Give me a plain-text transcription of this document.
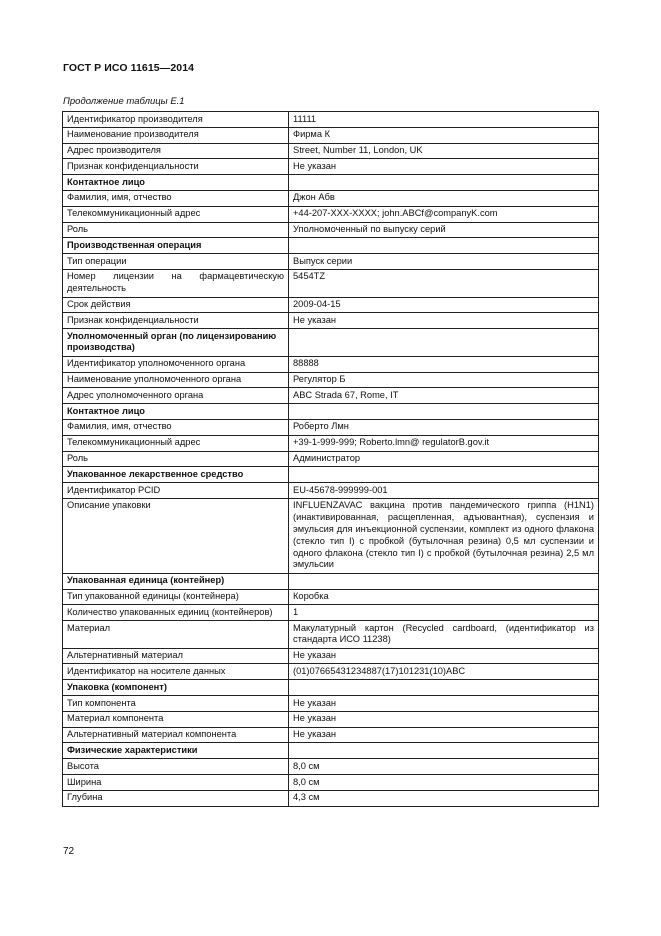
ГОСТ Р ИСО 11615—2014
Продолжение таблицы Е.1
Идентификатор производителя	11111
Наименование производителя	Фирма К
Адрес производителя	Street, Number 11, London, UK
Признак конфиденциальности	Не указан
Контактное лицо	
Фамилия, имя, отчество	Джон Абв
Телекоммуникационный адрес	+44-207-XXX-XXXX; john.ABCf@companyK.com
Роль	Уполномоченный по выпуску серий
Производственная операция	
Тип операции	Выпуск серии
Номер лицензии на фармацевтическую деятельность	5454TZ
Срок действия	2009-04-15
Признак конфиденциальности	Не указан
Уполномоченный орган (по лицензированию производства)	
Идентификатор уполномоченного органа	88888
Наименование уполномоченного органа	Регулятор Б
Адрес уполномоченного органа	ABC Strada 67, Rome, IT
Контактное лицо	
Фамилия, имя, отчество	Роберто Лмн
Телекоммуникационный адрес	+39-1-999-999; Roberto.lmn@ regulatorB.gov.it
Роль	Администратор
Упакованное лекарственное средство	
Идентификатор PCID	EU-45678-999999-001
Описание упаковки	INFLUENZAVAC вакцина против пандемического гриппа (H1N1) (инактивированная, расщепленная, адъювантная), суспензия и эмульсия для инъекционной суспензии, комплект из одного флакона (стекло тип I) с пробкой (бутылочная резина) 0,5 мл суспензии и одного флакона (стекло тип I) с пробкой (бутылочная резина) 2,5 мл эмульсии
Упакованная единица (контейнер)	
Тип упакованной единицы (контейнера)	Коробка
Количество упакованных единиц (контейнеров)	1
Материал	Макулатурный картон (Recycled cardboard, (идентификатор из стандарта ИСО 11238)
Альтернативный материал	Не указан
Идентификатор на носителе данных	(01)07665431234887(17)101231(10)ABC
Упаковка (компонент)	
Тип компонента	Не указан
Материал компонента	Не указан
Альтернативный материал компонента	Не указан
Физические характеристики	
Высота	8,0 см
Ширина	8,0 см
Глубина	4,3 см
72
